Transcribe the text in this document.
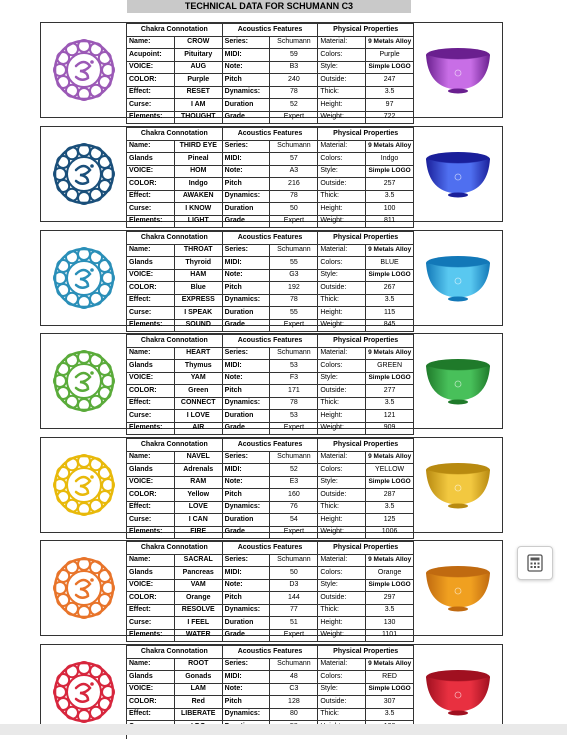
TECHNICAL DATA FOR SCHUMANN C3
Chakra Connotation		Acoustics Features		Physical Properties	
Name:	CROW	Series:	Schumann	Material:	9 Metals Alloy
Acupoint:	Pituitary	MIDI:	59	Colors:	Purple
VOICE:	AUG	Note:	B3	Style:	Simple LOGO
COLOR:	Purple	Pitch	240	Outside:	247
Effect:	RESET	Dynamics:	78	Thick:	3.5
Curse:	I AM	Duration	52	Height:	97
Elements:	THOUGHT	Grade	Expert	Weight:	722
Chakra Connotation		Acoustics Features		Physical Properties	
Name:	THIRD EYE	Series:	Schumann	Material:	9 Metals Alloy
Glands	Pineal	MIDI:	57	Colors:	Indgo
VOICE:	HOM	Note:	A3	Style:	Simple LOGO
COLOR:	Indgo	Pitch	216	Outside:	257
Effect:	AWAKEN	Dynamics:	78	Thick:	3.5
Curse:	I KNOW	Duration	50	Height:	100
Elements:	LIGHT	Grade	Expert	Weight:	811
Chakra Connotation		Acoustics Features		Physical Properties	
Name:	THROAT	Series:	Schumann	Material:	9 Metals Alloy
Glands	Thyroid	MIDI:	55	Colors:	BLUE
VOICE:	HAM	Note:	G3	Style:	Simple LOGO
COLOR:	Blue	Pitch	192	Outside:	267
Effect:	EXPRESS	Dynamics:	78	Thick:	3.5
Curse:	I SPEAK	Duration	55	Height:	115
Elements:	SOUND	Grade	Expert	Weight:	845
Chakra Connotation		Acoustics Features		Physical Properties	
Name:	HEART	Series:	Schumann	Material:	9 Metals Alloy
Glands	Thymus	MIDI:	53	Colors:	GREEN
VOICE:	YAM	Note:	F3	Style:	Simple LOGO
COLOR:	Green	Pitch	171	Outside:	277
Effect:	CONNECT	Dynamics:	78	Thick:	3.5
Curse:	I LOVE	Duration	53	Height:	121
Elements:	AIR	Grade	Expert	Weight:	909
Chakra Connotation		Acoustics Features		Physical Properties	
Name:	NAVEL	Series:	Schumann	Material:	9 Metals Alloy
Glands	Adrenals	MIDI:	52	Colors:	YELLOW
VOICE:	RAM	Note:	E3	Style:	Simple LOGO
COLOR:	Yellow	Pitch	160	Outside:	287
Effect:	LOVE	Dynamics:	76	Thick:	3.5
Curse:	I CAN	Duration	54	Height:	125
Elements:	FIRE	Grade	Expert	Weight:	1006
Chakra Connotation		Acoustics Features		Physical Properties	
Name:	SACRAL	Series:	Schumann	Material:	9 Metals Alloy
Glands	Pancreas	MIDI:	50	Colors:	Orange
VOICE:	VAM	Note:	D3	Style:	Simple LOGO
COLOR:	Orange	Pitch	144	Outside:	297
Effect:	RESOLVE	Dynamics:	77	Thick:	3.5
Curse:	I FEEL	Duration	51	Height:	130
Elements:	WATER	Grade	Expert	Weight:	1101
Chakra Connotation		Acoustics Features		Physical Properties	
Name:	ROOT	Series:	Schumann	Material:	9 Metals Alloy
Glands	Gonads	MIDI:	48	Colors:	RED
VOICE:	LAM	Note:	C3	Style:	Simple LOGO
COLOR:	Red	Pitch	128	Outside:	307
Effect:	LIBERATE	Dynamics:	80	Thick:	3.5
